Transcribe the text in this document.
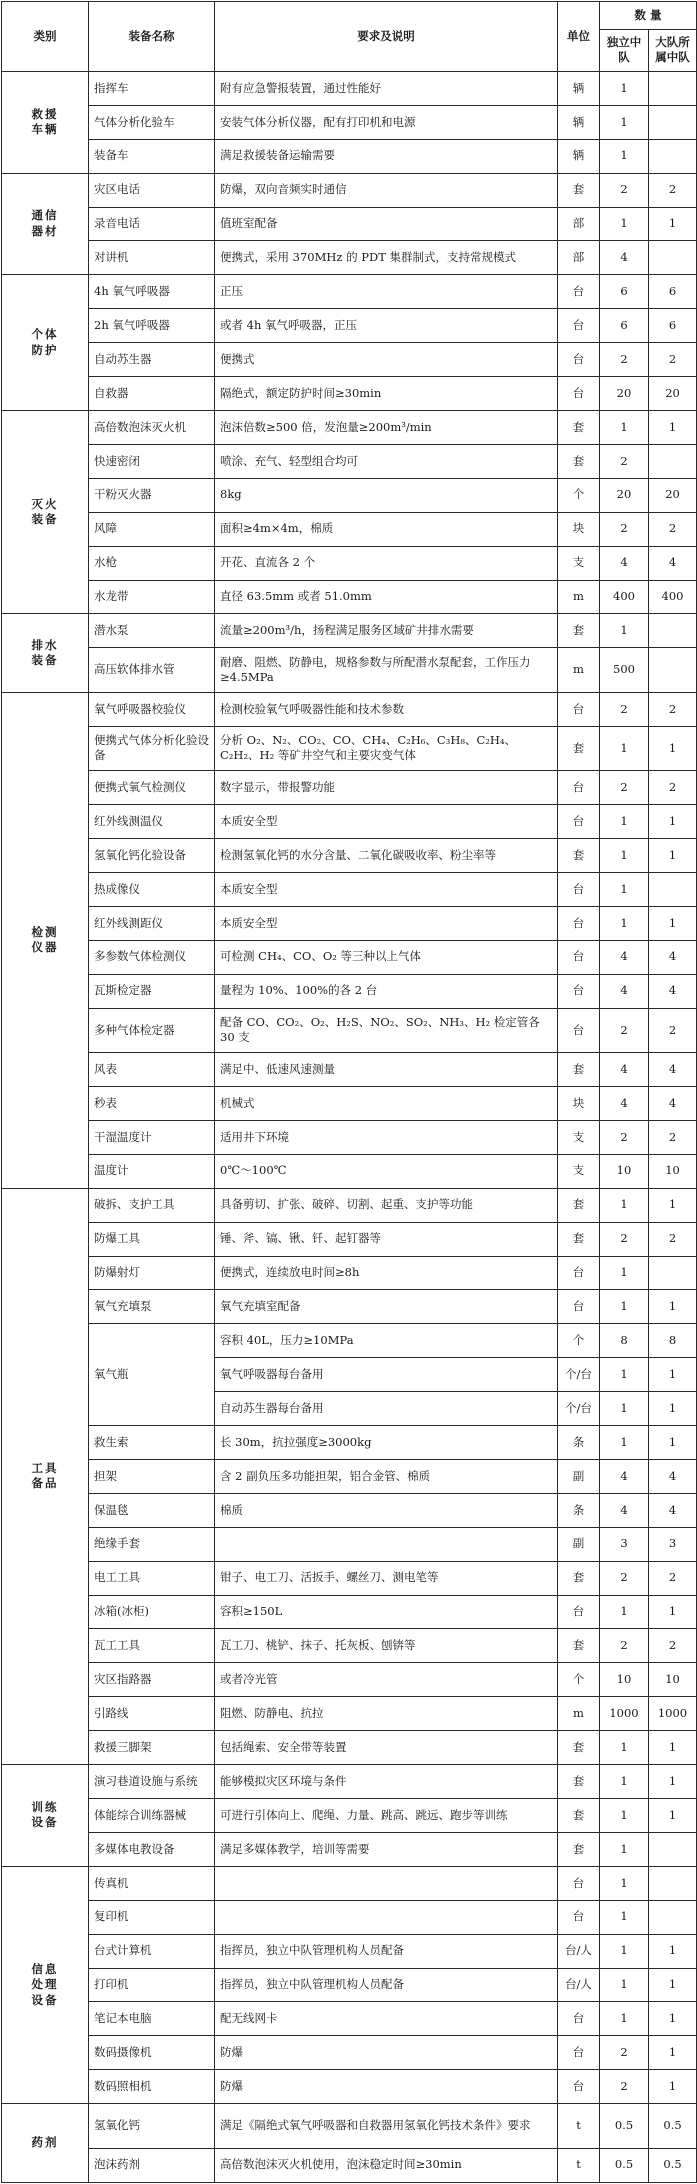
类别	装备名称	要求及说明	单位	数 量	
				独立中队	大队所属中队
救援车辆	指挥车	附有应急警报装置，通过性能好	辆	1	
	气体分析化验车	安装气体分析仪器，配有打印机和电源	辆	1	
	装备车	满足救援装备运输需要	辆	1	
通信器材	灾区电话	防爆，双向音频实时通信	套	2	2
	录音电话	值班室配备	部	1	1
	对讲机	便携式，采用 370MHz 的 PDT 集群制式，支持常规模式	部	4	
个体防护	4h 氧气呼吸器	正压	台	6	6
	2h 氧气呼吸器	或者 4h 氧气呼吸器，正压	台	6	6
	自动苏生器	便携式	台	2	2
	自救器	隔绝式，额定防护时间≥30min	台	20	20
灭火装备	高倍数泡沫灭火机	泡沫倍数≥500 倍，发泡量≥200m³/min	套	1	1
	快速密闭	喷涂、充气、轻型组合均可	套	2	
	干粉灭火器	8kg	个	20	20
	风障	面积≥4m×4m，棉质	块	2	2
	水枪	开花、直流各 2 个	支	4	4
	水龙带	直径 63.5mm 或者 51.0mm	m	400	400
排水装备	潜水泵	流量≥200m³/h，扬程满足服务区域矿井排水需要	套	1	
	高压软体排水管	耐磨、阻燃、防静电，规格参数与所配潜水泵配套，工作压力≥4.5MPa	m	500	
检测仪器	氧气呼吸器校验仪	检测校验氧气呼吸器性能和技术参数	台	2	2
	便携式气体分析化验设备	分析 O₂、N₂、CO₂、CO、CH₄、C₂H₆、C₃H₈、C₂H₄、C₂H₂、H₂ 等矿井空气和主要灾变气体	套	1	1
	便携式氧气检测仪	数字显示，带报警功能	台	2	2
	红外线测温仪	本质安全型	台	1	1
	氢氧化钙化验设备	检测氢氧化钙的水分含量、二氧化碳吸收率、粉尘率等	套	1	1
	热成像仪	本质安全型	台	1	
	红外线测距仪	本质安全型	台	1	1
	多参数气体检测仪	可检测 CH₄、CO、O₂ 等三种以上气体	台	4	4
	瓦斯检定器	量程为 10%、100%的各 2 台	台	4	4
	多种气体检定器	配备 CO、CO₂、O₂、H₂S、NO₂、SO₂、NH₃、H₂ 检定管各 30 支	台	2	2
	风表	满足中、低速风速测量	套	4	4
	秒表	机械式	块	4	4
	干湿温度计	适用井下环境	支	2	2
	温度计	0℃～100℃	支	10	10
工具备品	破拆、支护工具	具备剪切、扩张、破碎、切割、起重、支护等功能	套	1	1
	防爆工具	锤、斧、镐、锹、钎、起钉器等	套	2	2
	防爆射灯	便携式，连续放电时间≥8h	台	1	
	氧气充填泵	氧气充填室配备	台	1	1
	氧气瓶	容积 40L，压力≥10MPa	个	8	8
		氧气呼吸器每台备用	个/台	1	1
		自动苏生器每台备用	个/台	1	1
	救生索	长 30m，抗拉强度≥3000kg	条	1	1
	担架	含 2 副负压多功能担架，铝合金管、棉质	副	4	4
	保温毯	棉质	条	4	4
	绝缘手套		副	3	3
	电工工具	钳子、电工刀、活扳手、螺丝刀、测电笔等	套	2	2
	冰箱(冰柜)	容积≥150L	台	1	1
	瓦工工具	瓦工刀、桃铲、抹子、托灰板、刨锛等	套	2	2
	灾区指路器	或者冷光管	个	10	10
	引路线	阻燃、防静电、抗拉	m	1000	1000
	救援三脚架	包括绳索、安全带等装置	套	1	1
训练设备	演习巷道设施与系统	能够模拟灾区环境与条件	套	1	1
	体能综合训练器械	可进行引体向上、爬绳、力量、跳高、跳远、跑步等训练	套	1	1
	多媒体电教设备	满足多媒体教学，培训等需要	套	1	
信息处理设备	传真机		台	1	
	复印机		台	1	
	台式计算机	指挥员，独立中队管理机构人员配备	台/人	1	1
	打印机	指挥员，独立中队管理机构人员配备	台/人	1	1
	笔记本电脑	配无线网卡	台	1	1
	数码摄像机	防爆	台	2	1
	数码照相机	防爆	台	2	1
药剂	氢氧化钙	满足《隔绝式氧气呼吸器和自救器用氢氧化钙技术条件》要求	t	0.5	0.5
	泡沫药剂	高倍数泡沫灭火机使用，泡沫稳定时间≥30min	t	0.5	0.5
